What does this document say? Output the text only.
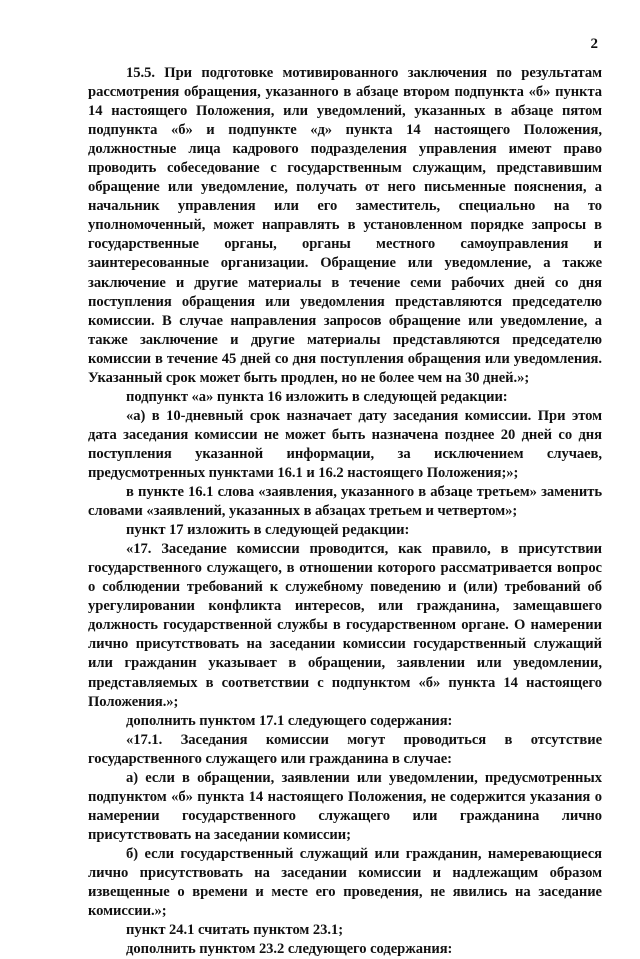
2

15.5. При подготовке мотивированного заключения по результатам рассмотрения обращения, указанного в абзаце втором подпункта «б» пункта 14 настоящего Положения, или уведомлений, указанных в абзаце пятом подпункта «б» и подпункте «д» пункта 14 настоящего Положения, должностные лица кадрового подразделения управления имеют право проводить собеседование с государственным служащим, представившим обращение или уведомление, получать от него письменные пояснения, а начальник управления или его заместитель, специально на то уполномоченный, может направлять в установленном порядке запросы в государственные органы, органы местного самоуправления и заинтересованные организации. Обращение или уведомление, а также заключение и другие материалы в течение семи рабочих дней со дня поступления обращения или уведомления представляются председателю комиссии. В случае направления запросов обращение или уведомление, а также заключение и другие материалы представляются председателю комиссии в течение 45 дней со дня поступления обращения или уведомления. Указанный срок может быть продлен, но не более чем на 30 дней.»;

подпункт «а» пункта 16 изложить в следующей редакции:

«а) в 10-дневный срок назначает дату заседания комиссии. При этом дата заседания комиссии не может быть назначена позднее 20 дней со дня поступления указанной информации, за исключением случаев, предусмотренных пунктами 16.1 и 16.2 настоящего Положения;»;

в пункте 16.1 слова «заявления, указанного в абзаце третьем» заменить словами «заявлений, указанных в абзацах третьем и четвертом»;

пункт 17 изложить в следующей редакции:

«17. Заседание комиссии проводится, как правило, в присутствии государственного служащего, в отношении которого рассматривается вопрос о соблюдении требований к служебному поведению и (или) требований об урегулировании конфликта интересов, или гражданина, замещавшего должность государственной службы в государственном органе. О намерении лично присутствовать на заседании комиссии государственный служащий или гражданин указывает в обращении, заявлении или уведомлении, представляемых в соответствии с подпунктом «б» пункта 14 настоящего Положения.»;

дополнить пунктом 17.1 следующего содержания:

«17.1. Заседания комиссии могут проводиться в отсутствие государственного служащего или гражданина в случае:

а) если в обращении, заявлении или уведомлении, предусмотренных подпунктом «б» пункта 14 настоящего Положения, не содержится указания о намерении государственного служащего или гражданина лично присутствовать на заседании комиссии;

б) если государственный служащий или гражданин, намеревающиеся лично присутствовать на заседании комиссии и надлежащим образом извещенные о времени и месте его проведения, не явились на заседание комиссии.»;

пункт 24.1 считать пунктом 23.1;

дополнить пунктом 23.2 следующего содержания:
